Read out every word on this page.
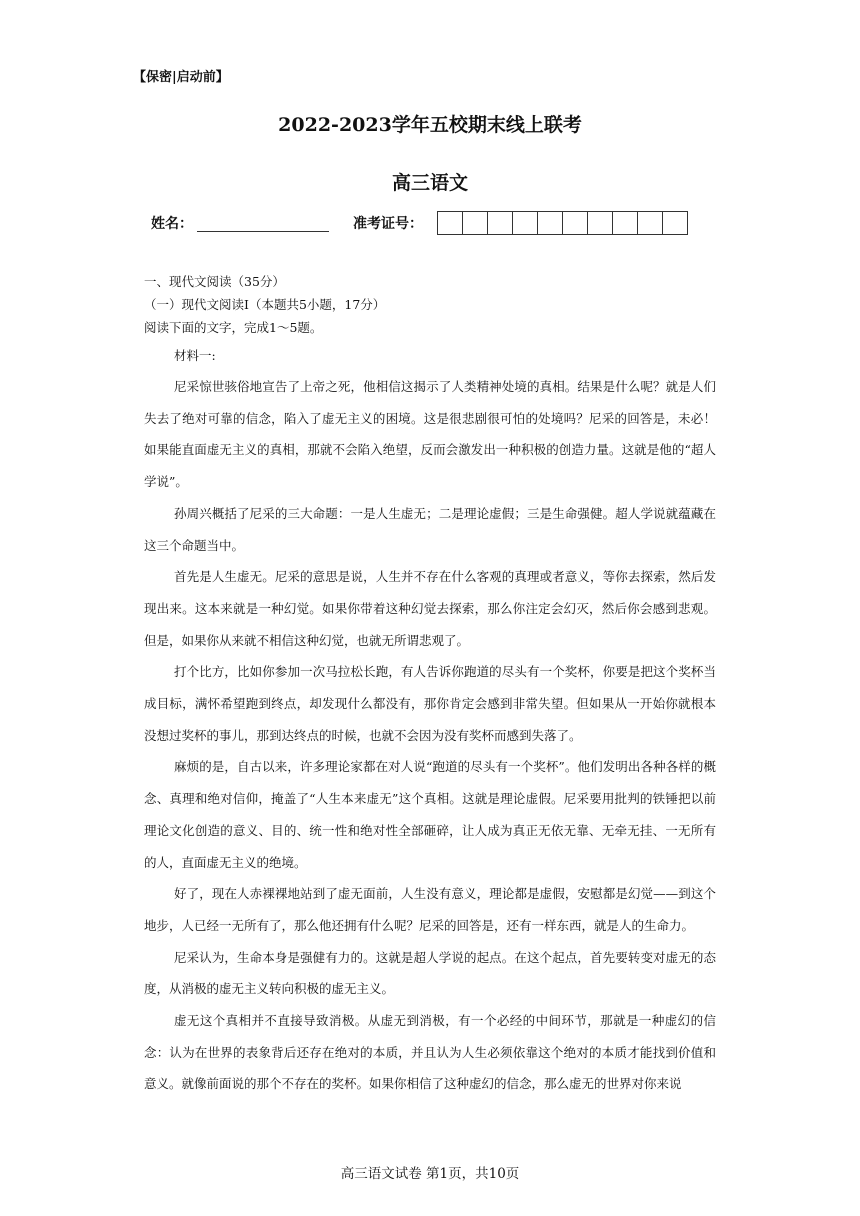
【保密|启动前】
2022-2023学年五校期末线上联考
高三语文
姓名：	准考证号：
一、现代文阅读（35分）
（一）现代文阅读Ⅰ（本题共5小题，17分）
阅读下面的文字，完成1～5题。
材料一:

尼采惊世骇俗地宣告了上帝之死，他相信这揭示了人类精神处境的真相。结果是什么呢？就是人们失去了绝对可靠的信念，陷入了虚无主义的困境。这是很悲剧很可怕的处境吗？尼采的回答是，未必！如果能直面虚无主义的真相，那就不会陷入绝望，反而会激发出一种积极的创造力量。这就是他的“超人学说”。

孙周兴概括了尼采的三大命题：一是人生虚无；二是理论虚假；三是生命强健。超人学说就蕴藏在这三个命题当中。

首先是人生虚无。尼采的意思是说，人生并不存在什么客观的真理或者意义，等你去探索，然后发现出来。这本来就是一种幻觉。如果你带着这种幻觉去探索，那么你注定会幻灭，然后你会感到悲观。但是，如果你从来就不相信这种幻觉，也就无所谓悲观了。

打个比方，比如你参加一次马拉松长跑，有人告诉你跑道的尽头有一个奖杯，你要是把这个奖杯当成目标，满怀希望跑到终点，却发现什么都没有，那你肯定会感到非常失望。但如果从一开始你就根本没想过奖杯的事儿，那到达终点的时候，也就不会因为没有奖杯而感到失落了。

麻烦的是，自古以来，许多理论家都在对人说“跑道的尽头有一个奖杯”。他们发明出各种各样的概念、真理和绝对信仰，掩盖了“人生本来虚无”这个真相。这就是理论虚假。尼采要用批判的铁锤把以前理论文化创造的意义、目的、统一性和绝对性全部砸碎，让人成为真正无依无靠、无牵无挂、一无所有的人，直面虚无主义的绝境。

好了，现在人赤裸裸地站到了虚无面前，人生没有意义，理论都是虚假，安慰都是幻觉——到这个地步，人已经一无所有了，那么他还拥有什么呢？尼采的回答是，还有一样东西，就是人的生命力。

尼采认为，生命本身是强健有力的。这就是超人学说的起点。在这个起点，首先要转变对虚无的态度，从消极的虚无主义转向积极的虚无主义。

虚无这个真相并不直接导致消极。从虚无到消极，有一个必经的中间环节，那就是一种虚幻的信念：认为在世界的表象背后还存在绝对的本质，并且认为人生必须依靠这个绝对的本质才能找到价值和意义。就像前面说的那个不存在的奖杯。如果你相信了这种虚幻的信念，那么虚无的世界对你来说

高三语文试卷 第1页，共10页
